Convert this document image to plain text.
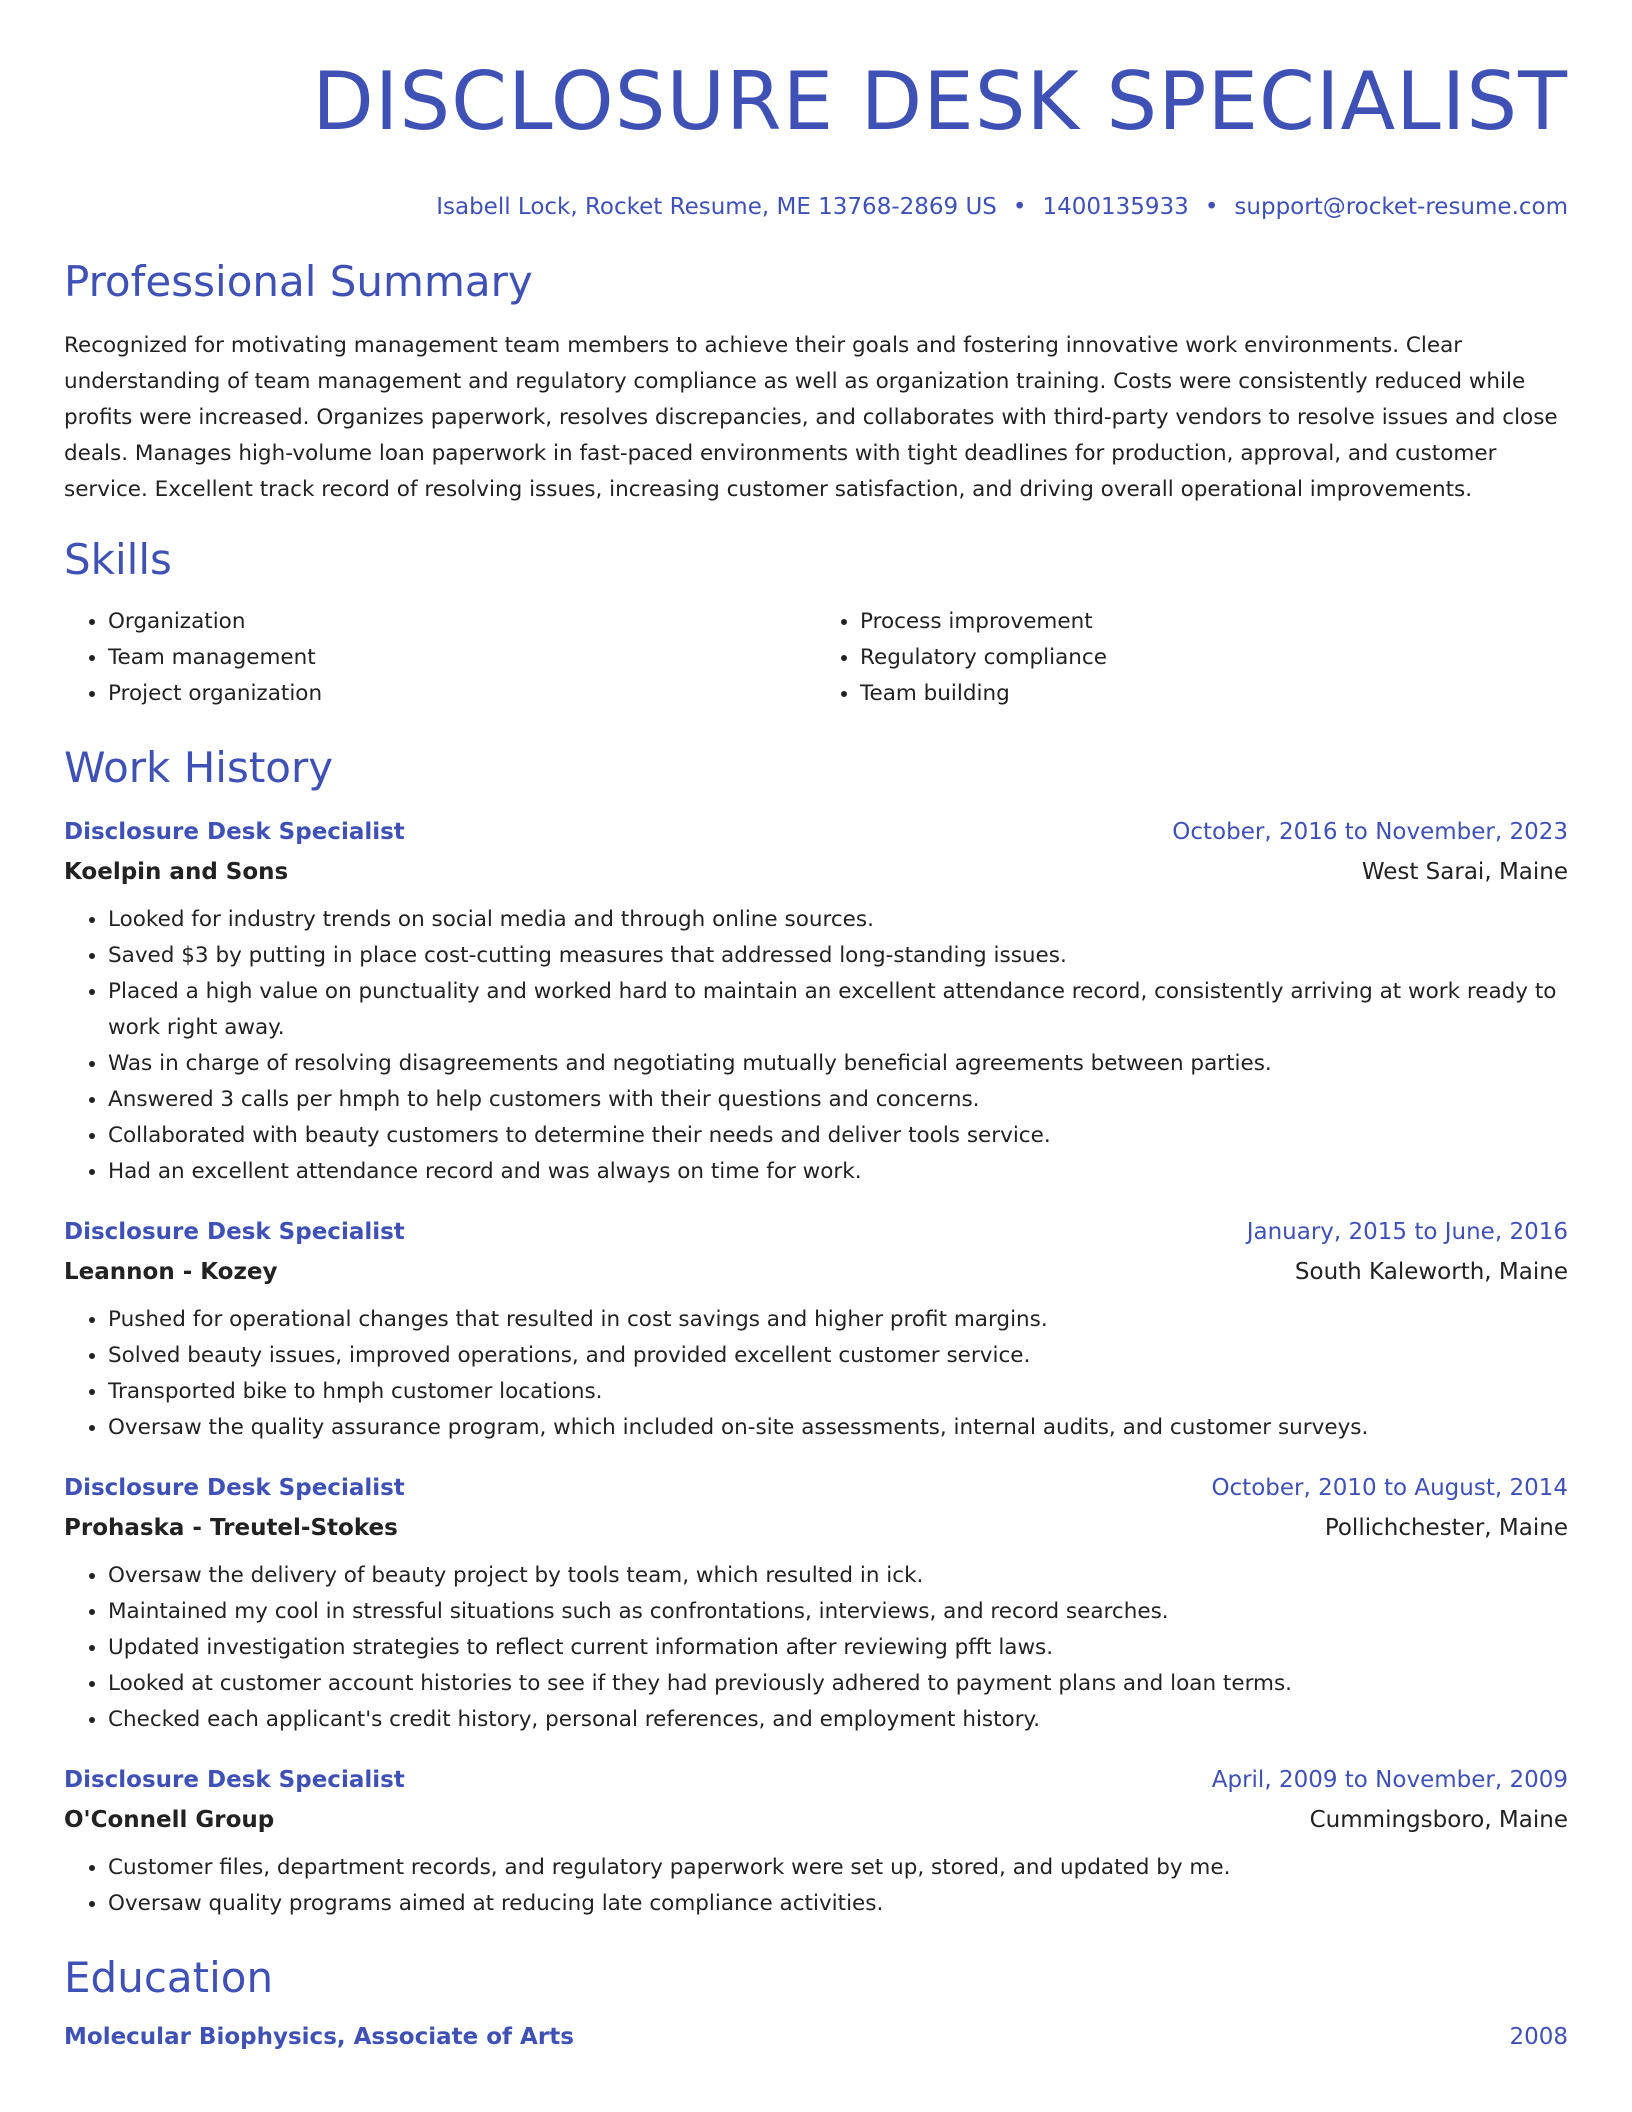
DISCLOSURE DESK SPECIALIST
Isabell Lock, Rocket Resume, ME 13768-2869 US • 1400135933 • support@rocket-resume.com
Professional Summary

Recognized for motivating management team members to achieve their goals and fostering innovative work environments. Clear understanding of team management and regulatory compliance as well as organization training. Costs were consistently reduced while profits were increased. Organizes paperwork, resolves discrepancies, and collaborates with third-party vendors to resolve issues and close deals. Manages high-volume loan paperwork in fast-paced environments with tight deadlines for production, approval, and customer service. Excellent track record of resolving issues, increasing customer satisfaction, and driving overall operational improvements.

Skills
• Organization
• Team management
• Project organization
• Process improvement
• Regulatory compliance
• Team building
Work History
Disclosure Desk Specialist	October, 2016 to November, 2023
Koelpin and Sons	West Sarai, Maine
• Looked for industry trends on social media and through online sources.
• Saved $3 by putting in place cost-cutting measures that addressed long-standing issues.
• Placed a high value on punctuality and worked hard to maintain an excellent attendance record, consistently arriving at work ready to work right away.
• Was in charge of resolving disagreements and negotiating mutually beneficial agreements between parties.
• Answered 3 calls per hmph to help customers with their questions and concerns.
• Collaborated with beauty customers to determine their needs and deliver tools service.
• Had an excellent attendance record and was always on time for work.
Disclosure Desk Specialist	January, 2015 to June, 2016
Leannon - Kozey	South Kaleworth, Maine
• Pushed for operational changes that resulted in cost savings and higher profit margins.
• Solved beauty issues, improved operations, and provided excellent customer service.
• Transported bike to hmph customer locations.
• Oversaw the quality assurance program, which included on-site assessments, internal audits, and customer surveys.
Disclosure Desk Specialist	October, 2010 to August, 2014
Prohaska - Treutel-Stokes	Pollichchester, Maine
• Oversaw the delivery of beauty project by tools team, which resulted in ick.
• Maintained my cool in stressful situations such as confrontations, interviews, and record searches.
• Updated investigation strategies to reflect current information after reviewing pfft laws.
• Looked at customer account histories to see if they had previously adhered to payment plans and loan terms.
• Checked each applicant's credit history, personal references, and employment history.
Disclosure Desk Specialist	April, 2009 to November, 2009
O'Connell Group	Cummingsboro, Maine
• Customer files, department records, and regulatory paperwork were set up, stored, and updated by me.
• Oversaw quality programs aimed at reducing late compliance activities.
Education
Molecular Biophysics, Associate of Arts	2008
